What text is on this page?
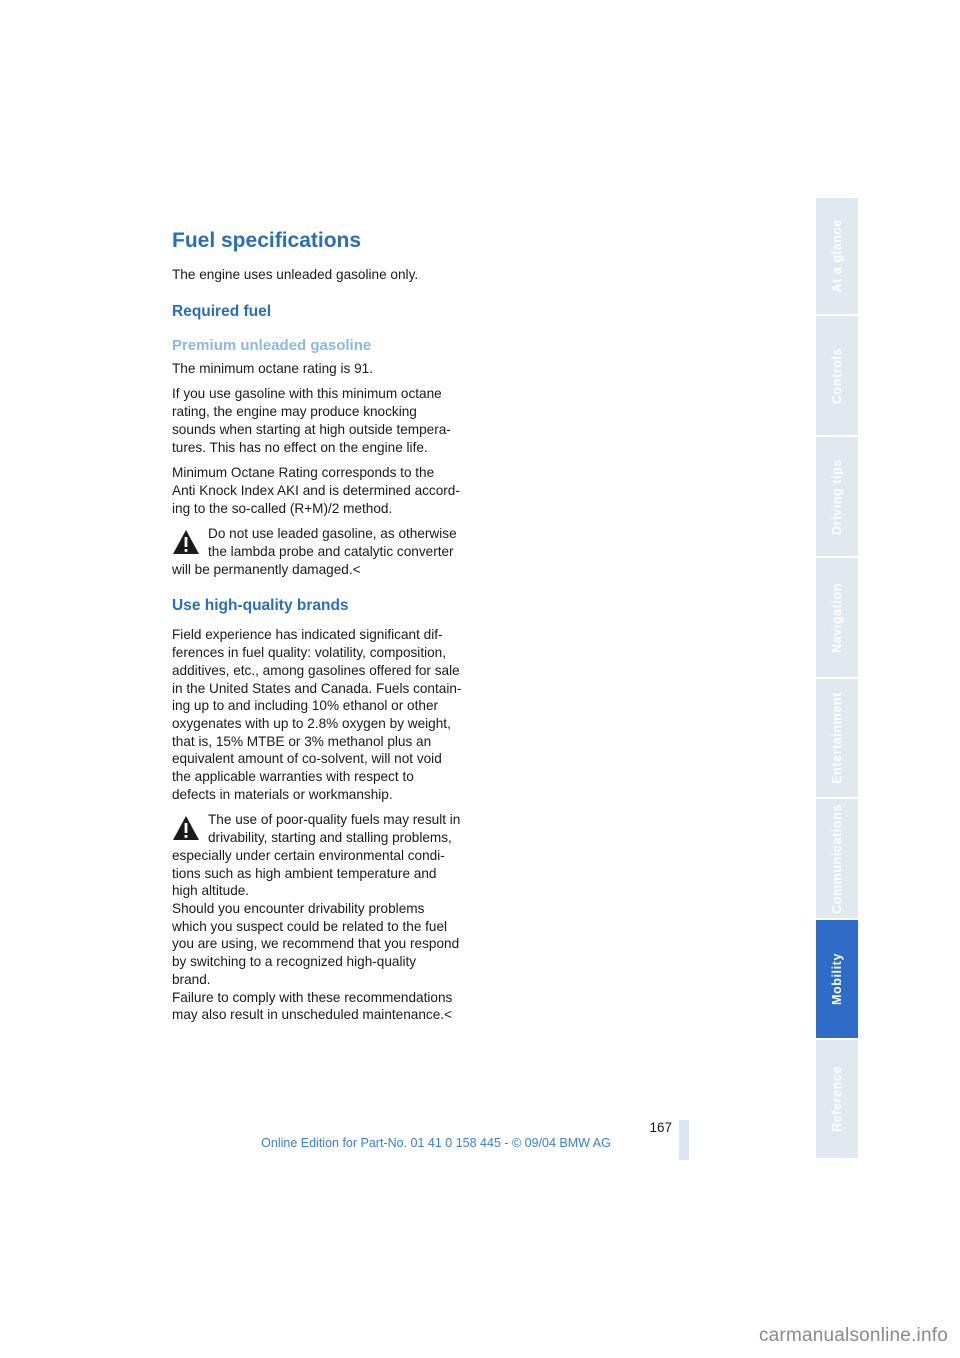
Fuel specifications
The engine uses unleaded gasoline only.
Required fuel
Premium unleaded gasoline
The minimum octane rating is 91.
If you use gasoline with this minimum octane
rating, the engine may produce knocking
sounds when starting at high outside tempera-
tures. This has no effect on the engine life.
Minimum Octane Rating corresponds to the
Anti Knock Index AKI and is determined accord-
ing to the so-called (R+M)/2 method.
Do not use leaded gasoline, as otherwise
the lambda probe and catalytic converter
will be permanently damaged.<
Use high-quality brands
Field experience has indicated significant dif-
ferences in fuel quality: volatility, composition,
additives, etc., among gasolines offered for sale
in the United States and Canada. Fuels contain-
ing up to and including 10% ethanol or other
oxygenates with up to 2.8% oxygen by weight,
that is, 15% MTBE or 3% methanol plus an
equivalent amount of co-solvent, will not void
the applicable warranties with respect to
defects in materials or workmanship.
The use of poor-quality fuels may result in
drivability, starting and stalling problems,
especially under certain environmental condi-
tions such as high ambient temperature and
high altitude.
Should you encounter drivability problems
which you suspect could be related to the fuel
you are using, we recommend that you respond
by switching to a recognized high-quality
brand.
Failure to comply with these recommendations
may also result in unscheduled maintenance.<
At a glance
Controls
Driving tips
Navigation
Entertainment
Communications
Mobility
Reference
167
Online Edition for Part-No. 01 41 0 158 445 - © 09/04 BMW AG
carmanualsonline.info
